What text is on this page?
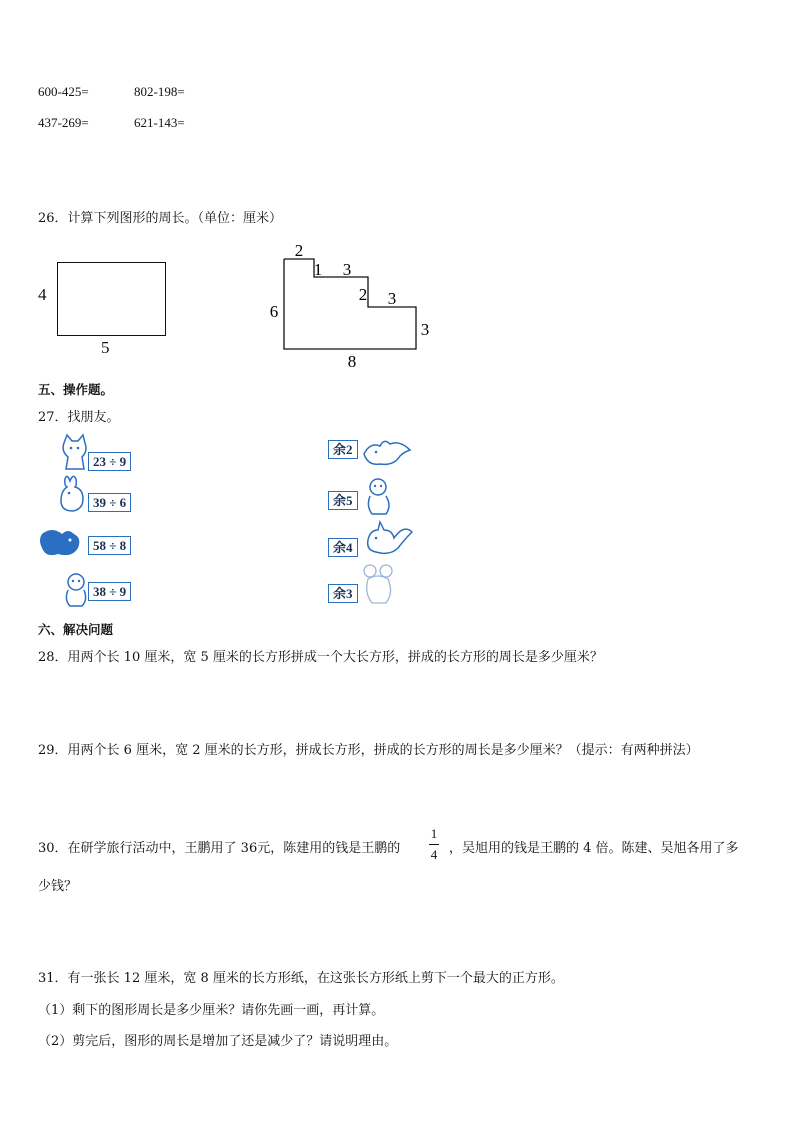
600-425=	802-198=
437-269=	621-143=
26．计算下列图形的周长。（单位：厘米）
4
5
2
1 3
2 3
6
3
8
五、操作题。
27．找朋友。
23 ÷ 9
39 ÷ 6
58 ÷ 8
38 ÷ 9
余2
余5
余4
余3
六、解决问题
28．用两个长 10 厘米，宽 5 厘米的长方形拼成一个大长方形，拼成的长方形的周长是多少厘米？
29．用两个长 6 厘米，宽 2 厘米的长方形，拼成长方形，拼成的长方形的周长是多少厘米？（提示：有两种拼法）
30．在研学旅行活动中，王鹏用了 36元，陈建用的钱是王鹏的
1
4 ，吴旭用的钱是王鹏的 4 倍。陈建、吴旭各用了多
少钱？
31．有一张长 12 厘米，宽 8 厘米的长方形纸，在这张长方形纸上剪下一个最大的正方形。
（1）剩下的图形周长是多少厘米？请你先画一画，再计算。
（2）剪完后，图形的周长是增加了还是减少了？请说明理由。
